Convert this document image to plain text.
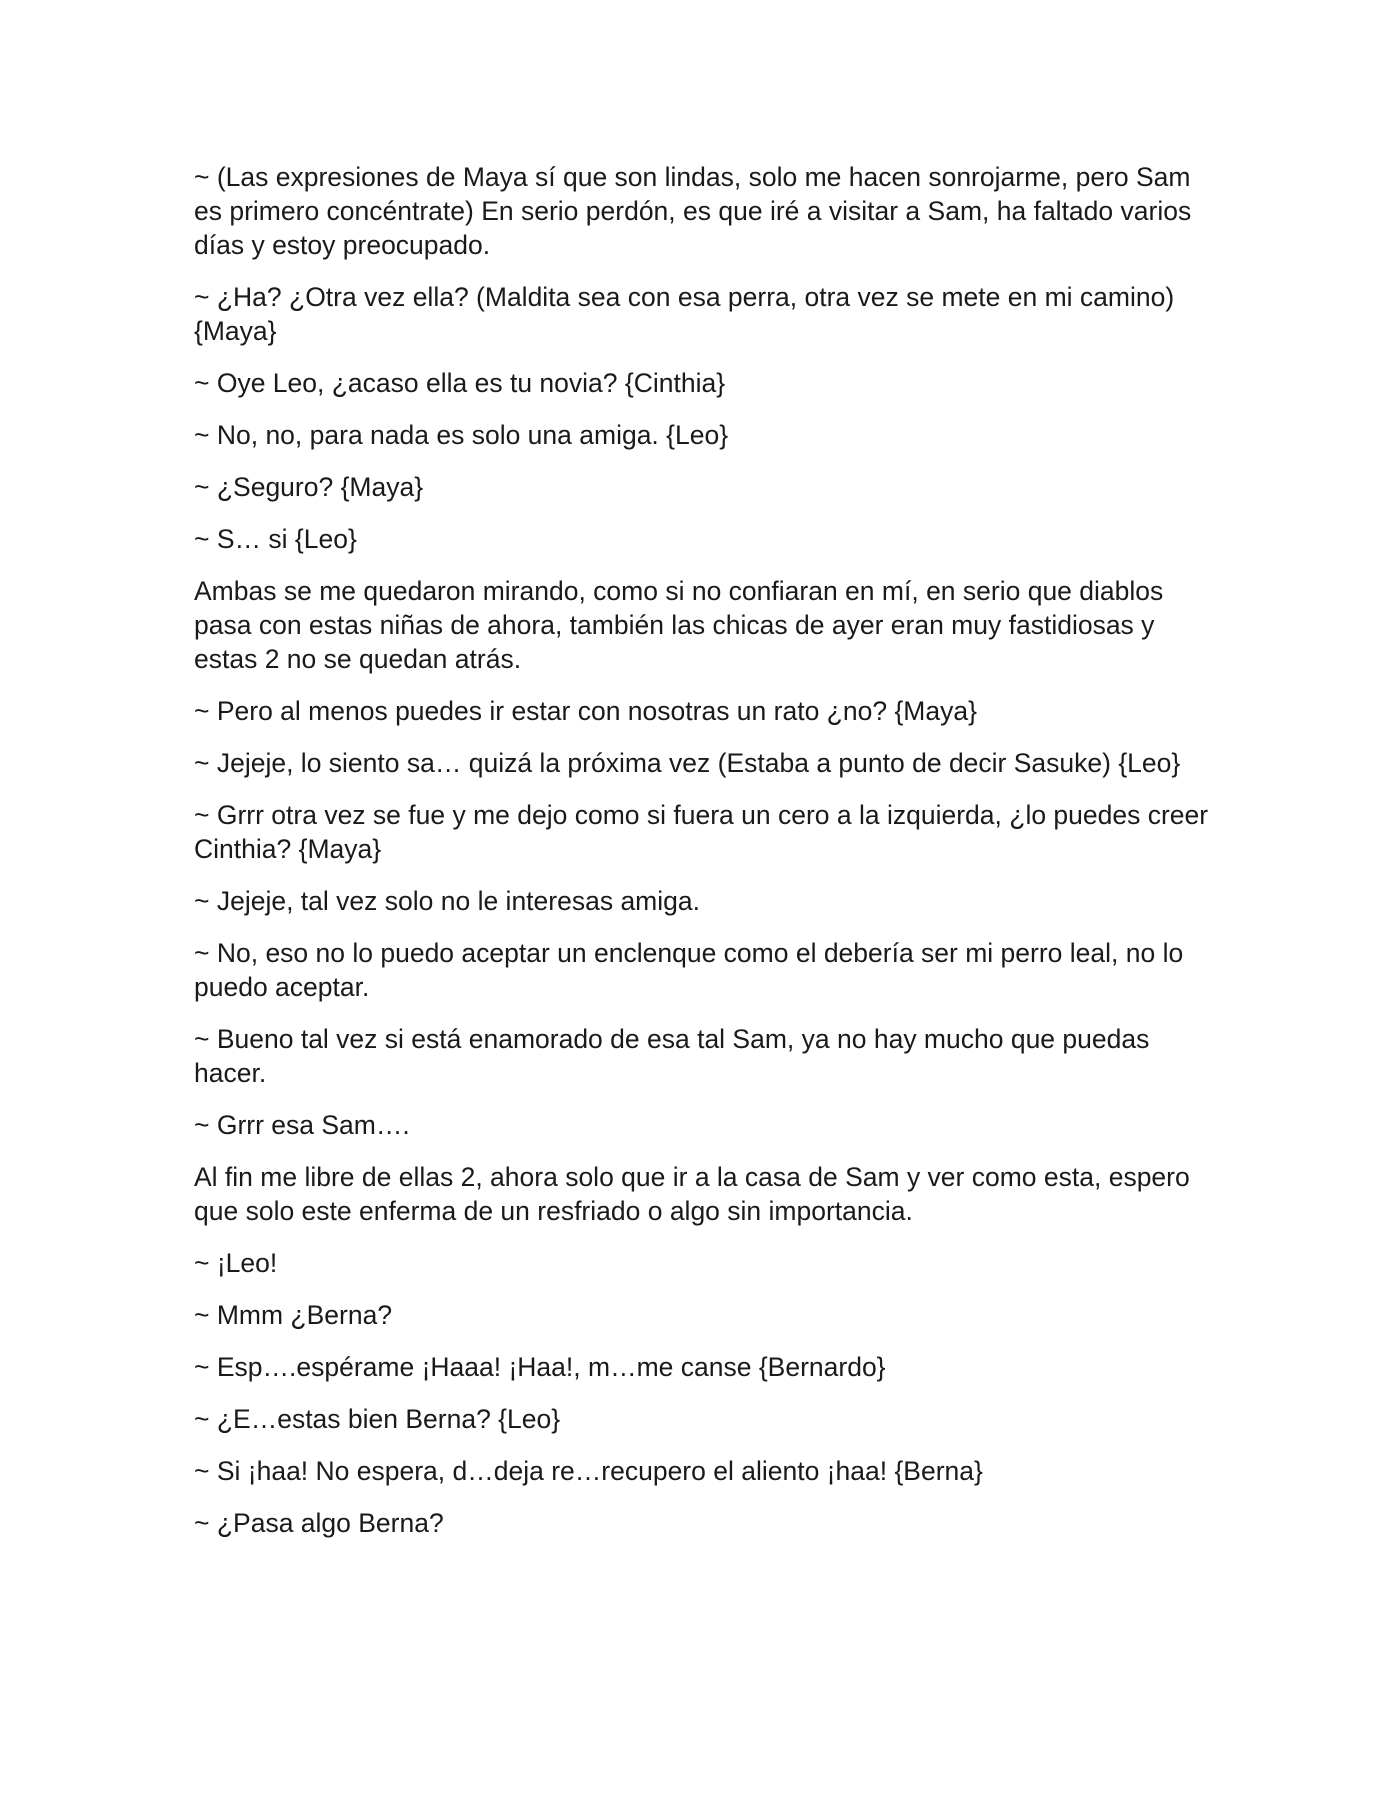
~ (Las expresiones de Maya sí que son lindas, solo me hacen sonrojarme, pero Sam es primero concéntrate) En serio perdón, es que iré a visitar a Sam, ha faltado varios días y estoy preocupado.

~ ¿Ha? ¿Otra vez ella? (Maldita sea con esa perra, otra vez se mete en mi camino) {Maya}

~ Oye Leo, ¿acaso ella es tu novia? {Cinthia}

~ No, no, para nada es solo una amiga. {Leo}

~ ¿Seguro? {Maya}

~ S… si {Leo}

Ambas se me quedaron mirando, como si no confiaran en mí, en serio que diablos pasa con estas niñas de ahora, también las chicas de ayer eran muy fastidiosas y estas 2 no se quedan atrás.

~ Pero al menos puedes ir estar con nosotras un rato ¿no? {Maya}

~ Jejeje, lo siento sa… quizá la próxima vez (Estaba a punto de decir Sasuke) {Leo}

~ Grrr otra vez se fue y me dejo como si fuera un cero a la izquierda, ¿lo puedes creer Cinthia? {Maya}

~ Jejeje, tal vez solo no le interesas amiga.

~ No, eso no lo puedo aceptar un enclenque como el debería ser mi perro leal, no lo puedo aceptar.

~ Bueno tal vez si está enamorado de esa tal Sam, ya no hay mucho que puedas hacer.

~ Grrr esa Sam….

Al fin me libre de ellas 2, ahora solo que ir a la casa de Sam y ver como esta, espero que solo este enferma de un resfriado o algo sin importancia.

~ ¡Leo!

~ Mmm ¿Berna?

~ Esp….espérame ¡Haaa! ¡Haa!, m…me canse {Bernardo}

~ ¿E…estas bien Berna? {Leo}

~ Si ¡haa! No espera, d…deja re…recupero el aliento ¡haa! {Berna}

~ ¿Pasa algo Berna?
